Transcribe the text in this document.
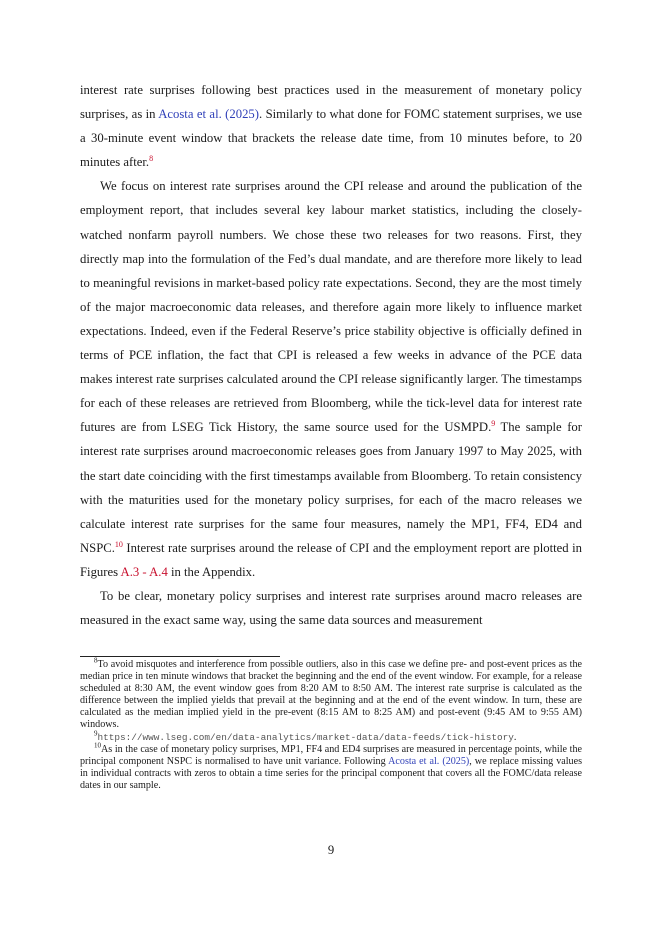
interest rate surprises following best practices used in the measurement of monetary policy surprises, as in Acosta et al. (2025). Similarly to what done for FOMC statement surprises, we use a 30-minute event window that brackets the release date time, from 10 minutes before, to 20 minutes after.$^8$

We focus on interest rate surprises around the CPI release and around the publication of the employment report, that includes several key labour market statistics, including the closely-watched nonfarm payroll numbers. We chose these two releases for two reasons. First, they directly map into the formulation of the Fed’s dual mandate, and are therefore more likely to lead to meaningful revisions in market-based policy rate expectations. Second, they are the most timely of the major macroeconomic data releases, and therefore again more likely to influence market expectations. Indeed, even if the Federal Reserve’s price stability objective is officially defined in terms of PCE inflation, the fact that CPI is released a few weeks in advance of the PCE data makes interest rate surprises calculated around the CPI release significantly larger. The timestamps for each of these releases are retrieved from Bloomberg, while the tick-level data for interest rate futures are from LSEG Tick History, the same source used for the USMPD.$^9$ The sample for interest rate surprises around macroeconomic releases goes from January 1997 to May 2025, with the start date coinciding with the first timestamps available from Bloomberg. To retain consistency with the maturities used for the monetary policy surprises, for each of the macro releases we calculate interest rate surprises for the same four measures, namely the MP1, FF4, ED4 and NSPC.$^{10}$ Interest rate surprises around the release of CPI and the employment report are plotted in Figures A.3 - A.4 in the Appendix.

To be clear, monetary policy surprises and interest rate surprises around macro releases are measured in the exact same way, using the same data sources and measurement

$^8$To avoid misquotes and interference from possible outliers, also in this case we define pre- and post-event prices as the median price in ten minute windows that bracket the beginning and the end of the event window. For example, for a release scheduled at 8:30 AM, the event window goes from 8:20 AM to 8:50 AM. The interest rate surprise is calculated as the difference between the implied yields that prevail at the beginning and at the end of the event window. In turn, these are calculated as the median implied yield in the pre-event (8:15 AM to 8:25 AM) and post-event (9:45 AM to 9:55 AM) windows.

$^9$https://www.lseg.com/en/data-analytics/market-data/data-feeds/tick-history.

$^{10}$As in the case of monetary policy surprises, MP1, FF4 and ED4 surprises are measured in percentage points, while the principal component NSPC is normalised to have unit variance. Following Acosta et al. (2025), we replace missing values in individual contracts with zeros to obtain a time series for the principal component that covers all the FOMC/data release dates in our sample.

9
